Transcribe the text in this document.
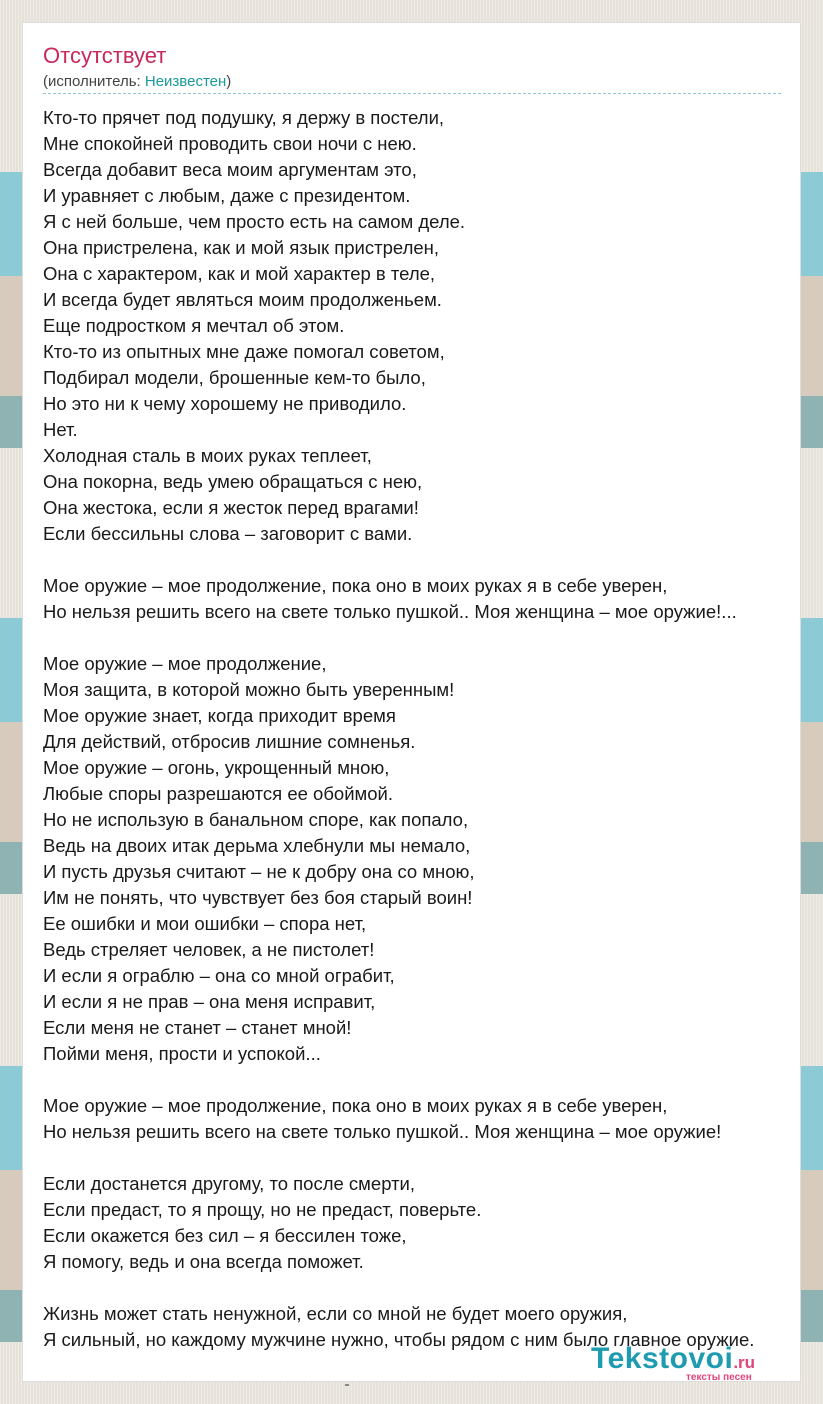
Отсутствует
(исполнитель: Неизвестен)
Кто-то прячет под подушку, я держу в постели,
Мне спокойней проводить свои ночи с нею.
Всегда добавит веса моим аргументам это,
И уравняет с любым, даже с президентом.
Я с ней больше, чем просто есть на самом деле.
Она пристрелена, как и мой язык пристрелен,
Она с характером, как и мой характер в теле,
И всегда будет являться моим продолженьем.
Еще подростком я мечтал об этом.
Кто-то из опытных мне даже помогал советом,
Подбирал модели, брошенные кем-то было,
Но это ни к чему хорошему не приводило.
Нет.
Холодная сталь в моих руках теплеет,
Она покорна, ведь умею обращаться с нею,
Она жестока, если я жесток перед врагами!
Если бессильны слова – заговорит с вами.
Мое оружие – мое продолжение, пока оно в моих руках я в себе уверен,
Но нельзя решить всего на свете только пушкой.. Моя женщина – мое оружие!...
Мое оружие – мое продолжение,
Моя защита, в которой можно быть уверенным!
Мое оружие знает, когда приходит время
Для действий, отбросив лишние сомненья.
Мое оружие – огонь, укрощенный мною,
Любые споры разрешаются ее обоймой.
Но не использую в банальном споре, как попало,
Ведь на двоих итак дерьма хлебнули мы немало,
И пусть друзья считают – не к добру она со мною,
Им не понять, что чувствует без боя старый воин!
Ее ошибки и мои ошибки – спора нет,
Ведь стреляет человек, а не пистолет!
И если я ограблю – она со мной ограбит,
И если я не прав – она меня исправит,
Если меня не станет – станет мной!
Пойми меня, прости и успокой...
Мое оружие – мое продолжение, пока оно в моих руках я в себе уверен,
Но нельзя решить всего на свете только пушкой.. Моя женщина – мое оружие!
Если достанется другому, то после смерти,
Если предаст, то я прощу, но не предаст, поверьте.
Если окажется без сил – я бессилен тоже,
Я помогу, ведь и она всегда поможет.
Жизнь может стать ненужной, если со мной не будет моего оружия,
Я сильный, но каждому мужчине нужно, чтобы рядом с ним было главное оружие.
Tekstovoi.ru
тексты песен
